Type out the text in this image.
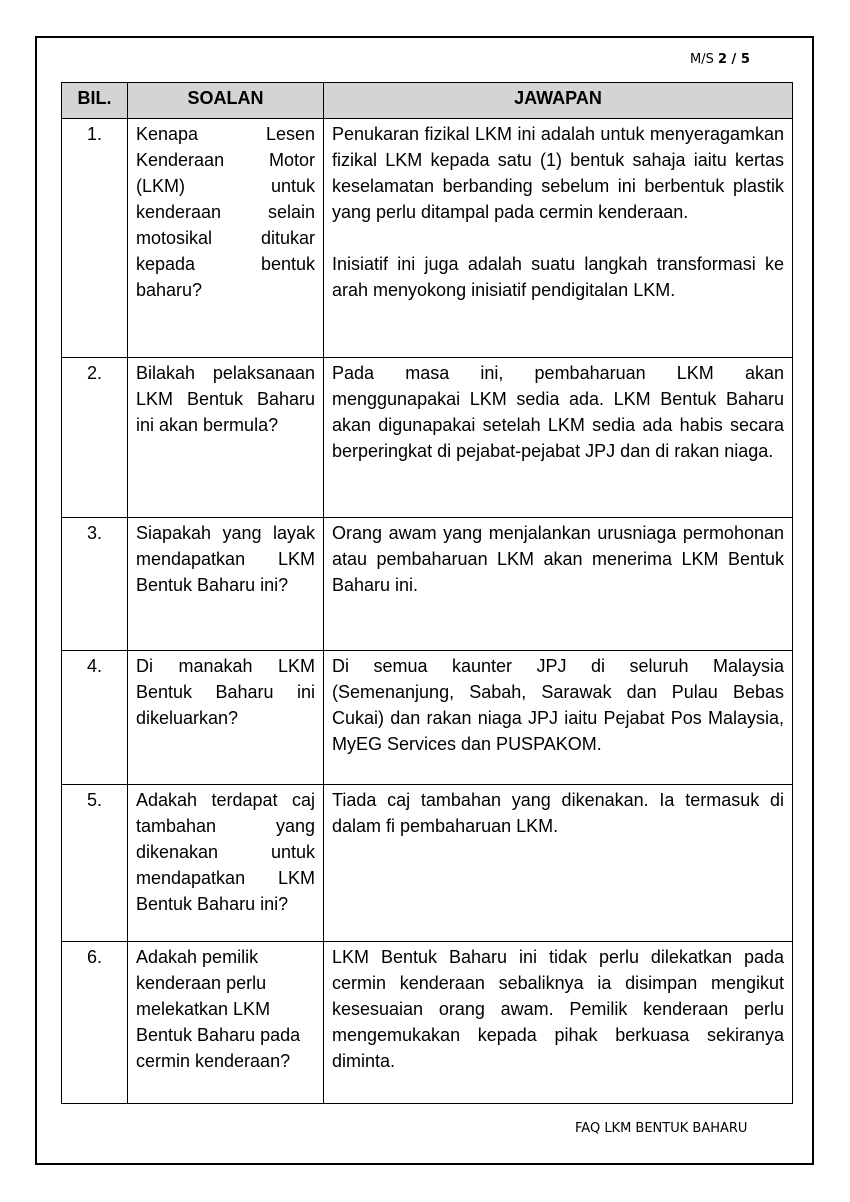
M/S 2 / 5
BIL.	SOALAN	JAWAPAN
1.	Kenapa Lesen Kenderaan Motor (LKM) untuk kenderaan selain motosikal ditukar kepada bentuk baharu?	Penukaran fizikal LKM ini adalah untuk menyeragamkan fizikal LKM kepada satu (1) bentuk sahaja iaitu kertas keselamatan berbanding sebelum ini berbentuk plastik yang perlu ditampal pada cermin kenderaan.

Inisiatif ini juga adalah suatu langkah transformasi ke arah menyokong inisiatif pendigitalan LKM.

2.	Bilakah pelaksanaan LKM Bentuk Baharu ini akan bermula?	Pada masa ini, pembaharuan LKM akan menggunapakai LKM sedia ada. LKM Bentuk Baharu akan digunapakai setelah LKM sedia ada habis secara berperingkat di pejabat-pejabat JPJ dan di rakan niaga.

3.	Siapakah yang layak mendapatkan LKM Bentuk Baharu ini?	Orang awam yang menjalankan urusniaga permohonan atau pembaharuan LKM akan menerima LKM Bentuk Baharu ini.

4.	Di manakah LKM Bentuk Baharu ini dikeluarkan?	Di semua kaunter JPJ di seluruh Malaysia (Semenanjung, Sabah, Sarawak dan Pulau Bebas Cukai) dan rakan niaga JPJ iaitu Pejabat Pos Malaysia, MyEG Services dan PUSPAKOM.

5.	Adakah terdapat caj tambahan yang dikenakan untuk mendapatkan LKM Bentuk Baharu ini?	Tiada caj tambahan yang dikenakan. Ia termasuk di dalam fi pembaharuan LKM.

6.	Adakah pemilik kenderaan perlu melekatkan LKM Bentuk Baharu pada cermin kenderaan?	LKM Bentuk Baharu ini tidak perlu dilekatkan pada cermin kenderaan sebaliknya ia disimpan mengikut kesesuaian orang awam. Pemilik kenderaan perlu mengemukakan kepada pihak berkuasa sekiranya diminta.

FAQ LKM BENTUK BAHARU
